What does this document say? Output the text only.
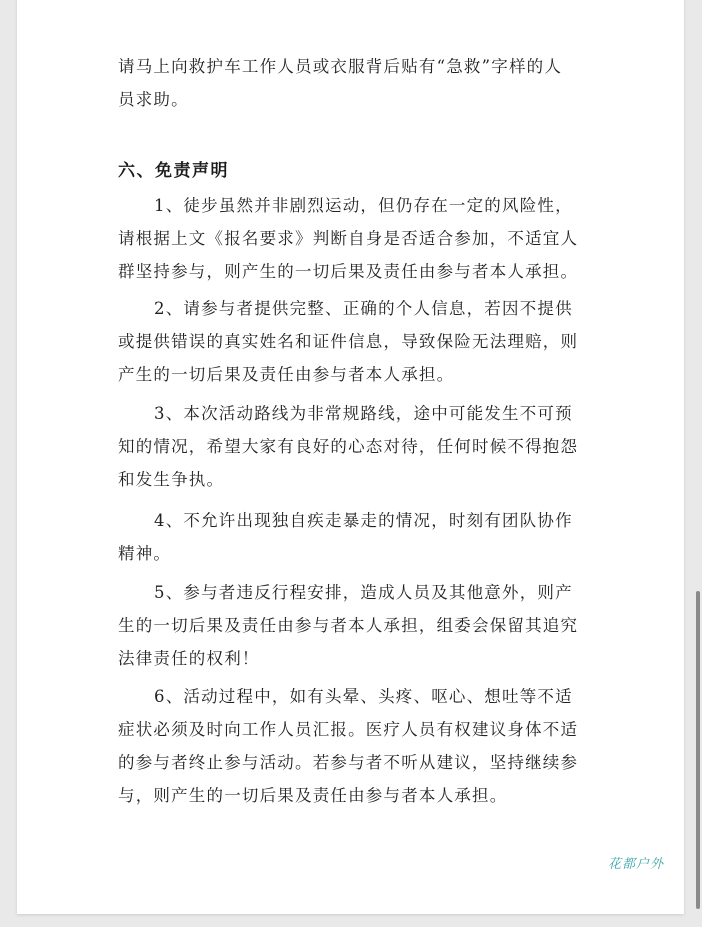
请马上向救护车工作人员或衣服背后贴有“急救”字样的人
员求助。
六、免责声明
1、徒步虽然并非剧烈运动，但仍存在一定的风险性，
请根据上文《报名要求》判断自身是否适合参加，不适宜人
群坚持参与，则产生的一切后果及责任由参与者本人承担。
2、请参与者提供完整、正确的个人信息，若因不提供
或提供错误的真实姓名和证件信息，导致保险无法理赔，则
产生的一切后果及责任由参与者本人承担。
3、本次活动路线为非常规路线，途中可能发生不可预
知的情况，希望大家有良好的心态对待，任何时候不得抱怨
和发生争执。
4、不允许出现独自疾走暴走的情况，时刻有团队协作
精神。
5、参与者违反行程安排，造成人员及其他意外，则产
生的一切后果及责任由参与者本人承担，组委会保留其追究
法律责任的权利！
6、活动过程中，如有头晕、头疼、呕心、想吐等不适
症状必须及时向工作人员汇报。医疗人员有权建议身体不适
的参与者终止参与活动。若参与者不听从建议，坚持继续参
与，则产生的一切后果及责任由参与者本人承担。
花都户外
